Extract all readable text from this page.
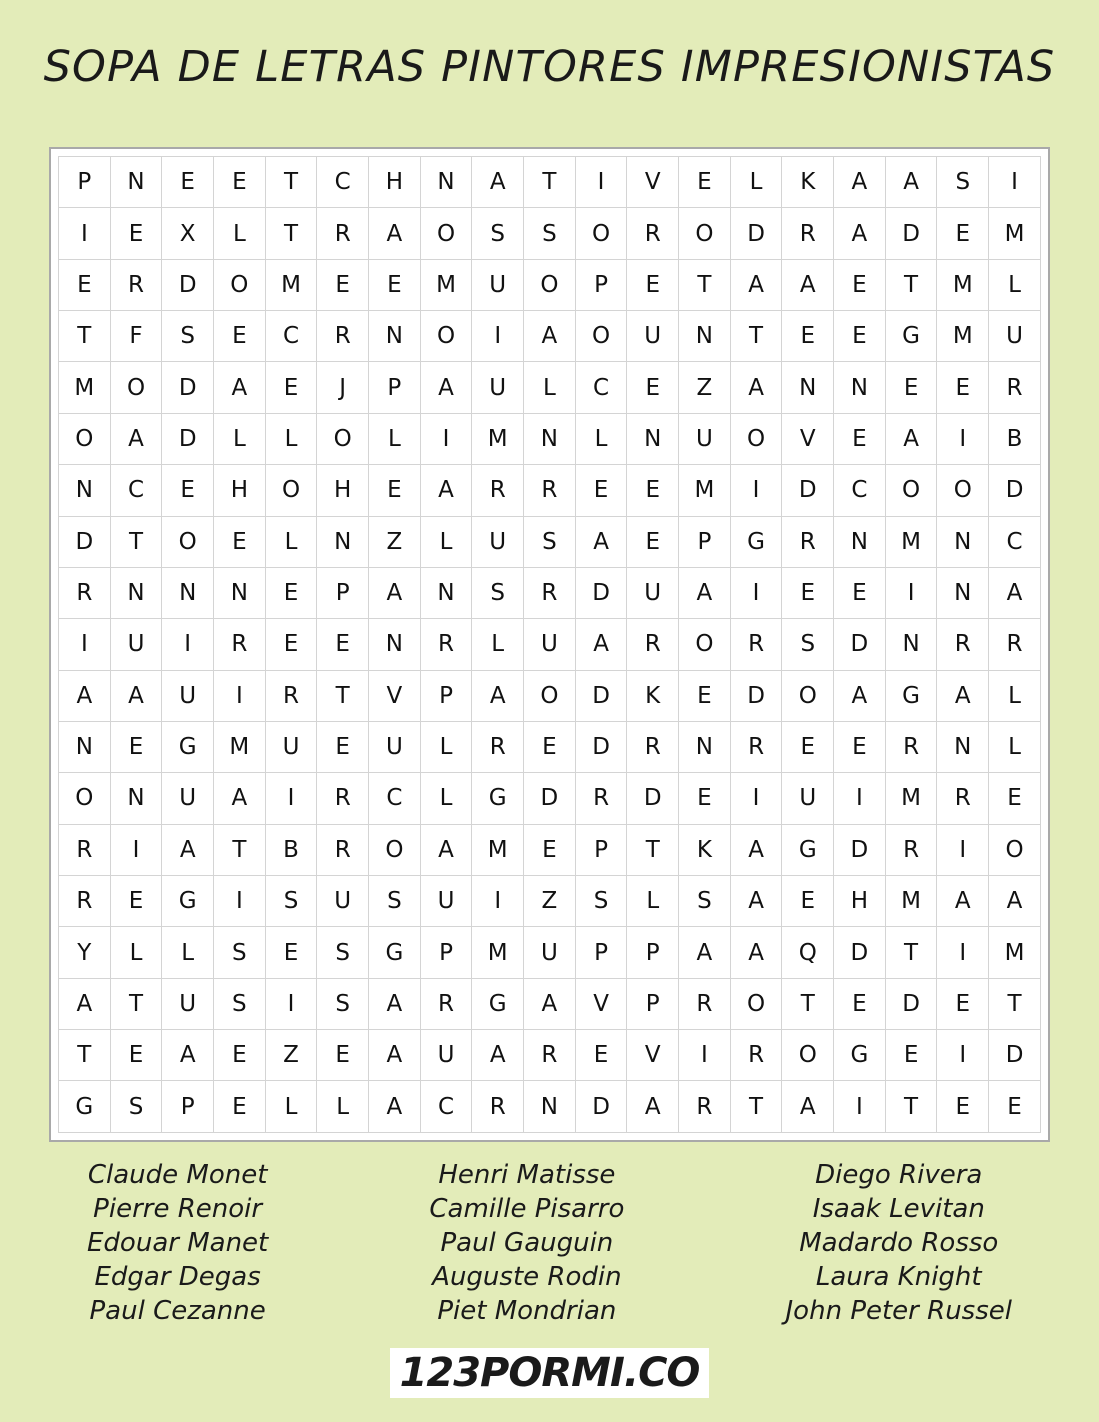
SOPA DE LETRAS PINTORES IMPRESIONISTAS
P	N	E	E	T	C	H	N	A	T	I	V	E	L	K	A	A	S	I
I	E	X	L	T	R	A	O	S	S	O	R	O	D	R	A	D	E	M
E	R	D	O	M	E	E	M	U	O	P	E	T	A	A	E	T	M	L
T	F	S	E	C	R	N	O	I	A	O	U	N	T	E	E	G	M	U
M	O	D	A	E	J	P	A	U	L	C	E	Z	A	N	N	E	E	R
O	A	D	L	L	O	L	I	M	N	L	N	U	O	V	E	A	I	B
N	C	E	H	O	H	E	A	R	R	E	E	M	I	D	C	O	O	D
D	T	O	E	L	N	Z	L	U	S	A	E	P	G	R	N	M	N	C
R	N	N	N	E	P	A	N	S	R	D	U	A	I	E	E	I	N	A
I	U	I	R	E	E	N	R	L	U	A	R	O	R	S	D	N	R	R
A	A	U	I	R	T	V	P	A	O	D	K	E	D	O	A	G	A	L
N	E	G	M	U	E	U	L	R	E	D	R	N	R	E	E	R	N	L
O	N	U	A	I	R	C	L	G	D	R	D	E	I	U	I	M	R	E
R	I	A	T	B	R	O	A	M	E	P	T	K	A	G	D	R	I	O
R	E	G	I	S	U	S	U	I	Z	S	L	S	A	E	H	M	A	A
Y	L	L	S	E	S	G	P	M	U	P	P	A	A	Q	D	T	I	M
A	T	U	S	I	S	A	R	G	A	V	P	R	O	T	E	D	E	T
T	E	A	E	Z	E	A	U	A	R	E	V	I	R	O	G	E	I	D
G	S	P	E	L	L	A	C	R	N	D	A	R	T	A	I	T	E	E
Claude Monet
Pierre Renoir
Edouar Manet
Edgar Degas
Paul Cezanne
Henri Matisse
Camille Pisarro
Paul Gauguin
Auguste Rodin
Piet Mondrian
Diego Rivera
Isaak Levitan
Madardo Rosso
Laura Knight
John Peter Russel
123PORMI.CO
